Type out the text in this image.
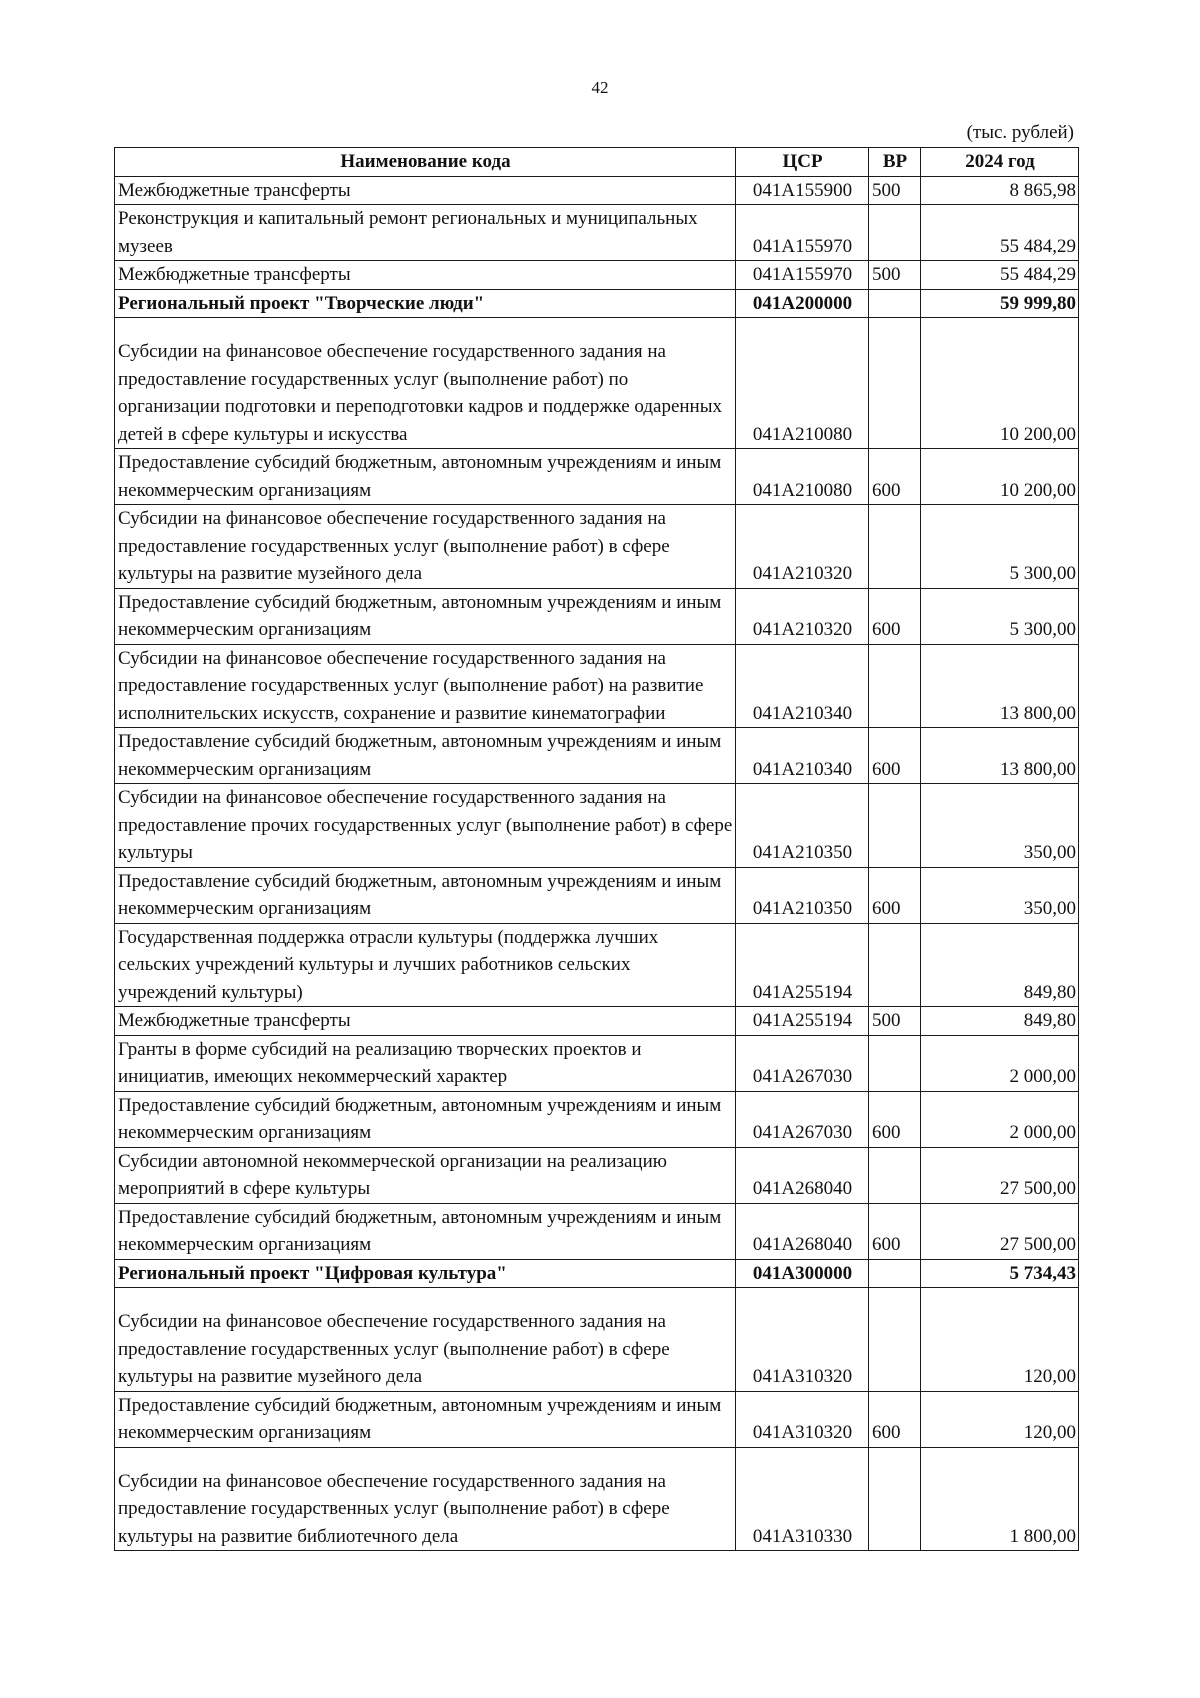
42
(тыс. рублей)
Наименование кода	ЦСР	ВР	2024 год
Межбюджетные трансферты	041A155900	500	8 865,98
Реконструкция и капитальный ремонт региональных и муниципальных музеев	041A155970		55 484,29
Межбюджетные трансферты	041A155970	500	55 484,29
Региональный проект "Творческие люди"	041A200000		59 999,80
Субсидии на финансовое обеспечение государственного задания на предоставление государственных услуг (выполнение работ) по организации подготовки и переподготовки кадров и поддержке одаренных детей в сфере культуры и искусства	041A210080		10 200,00
Предоставление субсидий бюджетным, автономным учреждениям и иным некоммерческим организациям	041A210080	600	10 200,00
Субсидии на финансовое обеспечение государственного задания на предоставление государственных услуг (выполнение работ) в сфере культуры на развитие музейного дела	041A210320		5 300,00
Предоставление субсидий бюджетным, автономным учреждениям и иным некоммерческим организациям	041A210320	600	5 300,00
Субсидии на финансовое обеспечение государственного задания на предоставление государственных услуг (выполнение работ) на развитие исполнительских искусств, сохранение и развитие кинематографии	041A210340		13 800,00
Предоставление субсидий бюджетным, автономным учреждениям и иным некоммерческим организациям	041A210340	600	13 800,00
Субсидии на финансовое обеспечение государственного задания на предоставление прочих государственных услуг (выполнение работ) в сфере культуры	041A210350		350,00
Предоставление субсидий бюджетным, автономным учреждениям и иным некоммерческим организациям	041A210350	600	350,00
Государственная поддержка отрасли культуры (поддержка лучших сельских учреждений культуры и лучших работников сельских учреждений культуры)	041A255194		849,80
Межбюджетные трансферты	041A255194	500	849,80
Гранты в форме субсидий на реализацию творческих проектов и инициатив, имеющих некоммерческий характер	041A267030		2 000,00
Предоставление субсидий бюджетным, автономным учреждениям и иным некоммерческим организациям	041A267030	600	2 000,00
Субсидии автономной некоммерческой организации на реализацию мероприятий в сфере культуры	041A268040		27 500,00
Предоставление субсидий бюджетным, автономным учреждениям и иным некоммерческим организациям	041A268040	600	27 500,00
Региональный проект "Цифровая культура"	041A300000		5 734,43
Субсидии на финансовое обеспечение государственного задания на предоставление государственных услуг (выполнение работ) в сфере культуры на развитие музейного дела	041A310320		120,00
Предоставление субсидий бюджетным, автономным учреждениям и иным некоммерческим организациям	041A310320	600	120,00
Субсидии на финансовое обеспечение государственного задания на предоставление государственных услуг (выполнение работ) в сфере культуры на развитие библиотечного дела	041A310330		1 800,00
